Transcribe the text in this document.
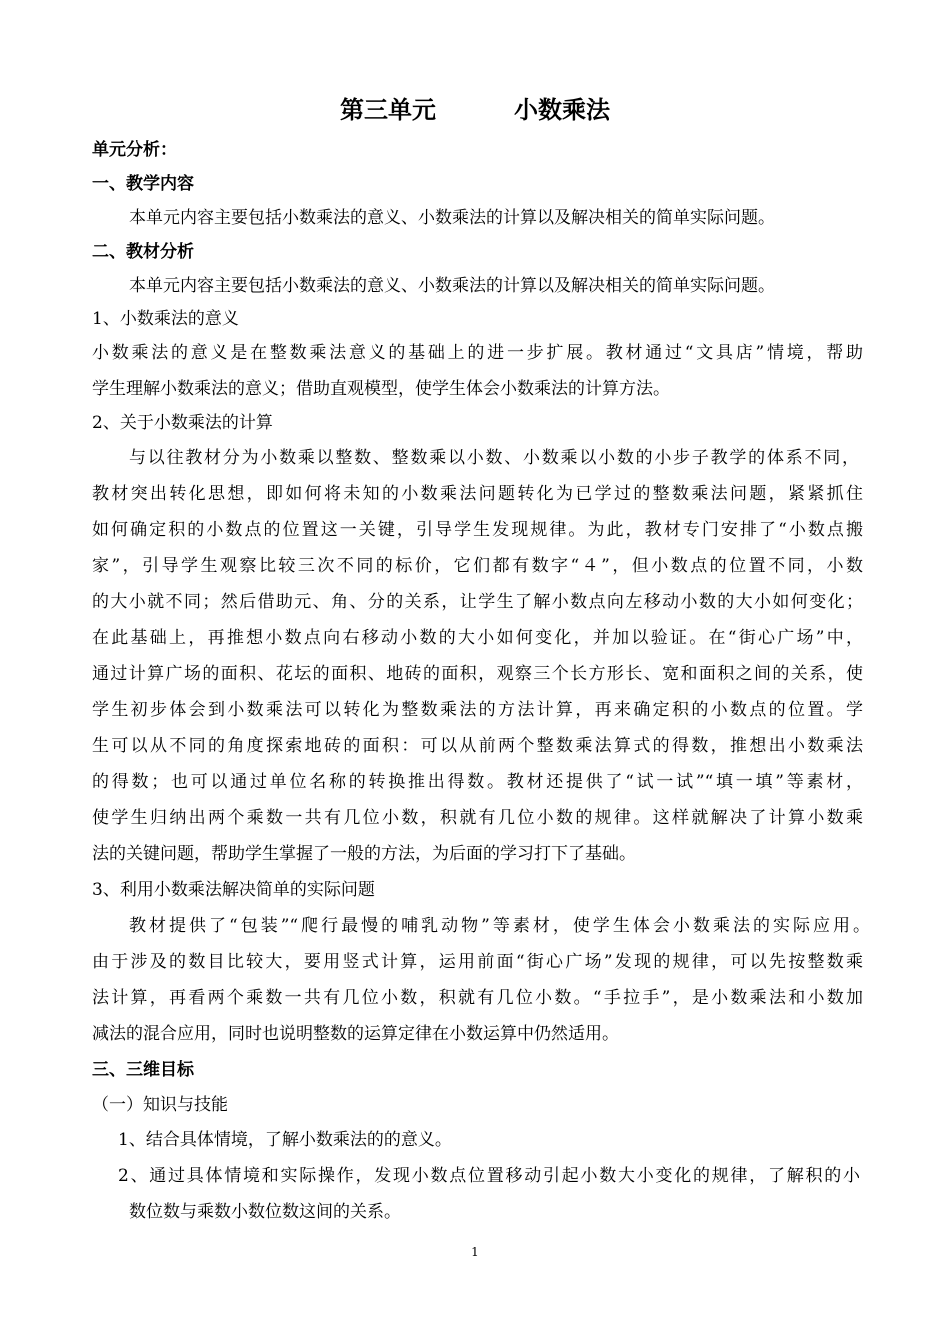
第三单元	小数乘法
单元分析：
一、教学内容
本单元内容主要包括小数乘法的意义、小数乘法的计算以及解决相关的简单实际问题。
二、教材分析
本单元内容主要包括小数乘法的意义、小数乘法的计算以及解决相关的简单实际问题。
1、小数乘法的意义
小数乘法的意义是在整数乘法意义的基础上的进一步扩展。教材通过“文具店”情境，帮助
学生理解小数乘法的意义；借助直观模型，使学生体会小数乘法的计算方法。
2、关于小数乘法的计算
与以往教材分为小数乘以整数、整数乘以小数、小数乘以小数的小步子教学的体系不同，
教材突出转化思想，即如何将未知的小数乘法问题转化为已学过的整数乘法问题，紧紧抓住
如何确定积的小数点的位置这一关键，引导学生发现规律。为此，教材专门安排了“小数点搬
家”，引导学生观察比较三次不同的标价，它们都有数字“４”，但小数点的位置不同，小数
的大小就不同；然后借助元、角、分的关系，让学生了解小数点向左移动小数的大小如何变化；
在此基础上，再推想小数点向右移动小数的大小如何变化，并加以验证。在“街心广场”中，
通过计算广场的面积、花坛的面积、地砖的面积，观察三个长方形长、宽和面积之间的关系，使
学生初步体会到小数乘法可以转化为整数乘法的方法计算，再来确定积的小数点的位置。学
生可以从不同的角度探索地砖的面积：可以从前两个整数乘法算式的得数，推想出小数乘法
的得数；也可以通过单位名称的转换推出得数。教材还提供了“试一试”“填一填”等素材，
使学生归纳出两个乘数一共有几位小数，积就有几位小数的规律。这样就解决了计算小数乘
法的关键问题，帮助学生掌握了一般的方法，为后面的学习打下了基础。
3、利用小数乘法解决简单的实际问题
教材提供了“包装”“爬行最慢的哺乳动物”等素材，使学生体会小数乘法的实际应用。
由于涉及的数目比较大，要用竖式计算，运用前面“街心广场”发现的规律，可以先按整数乘
法计算，再看两个乘数一共有几位小数，积就有几位小数。“手拉手”，是小数乘法和小数加
减法的混合应用，同时也说明整数的运算定律在小数运算中仍然适用。
三、三维目标
（一）知识与技能
1、结合具体情境，了解小数乘法的的意义。
2、通过具体情境和实际操作，发现小数点位置移动引起小数大小变化的规律，了解积的小
数位数与乘数小数位数这间的关系。
1
